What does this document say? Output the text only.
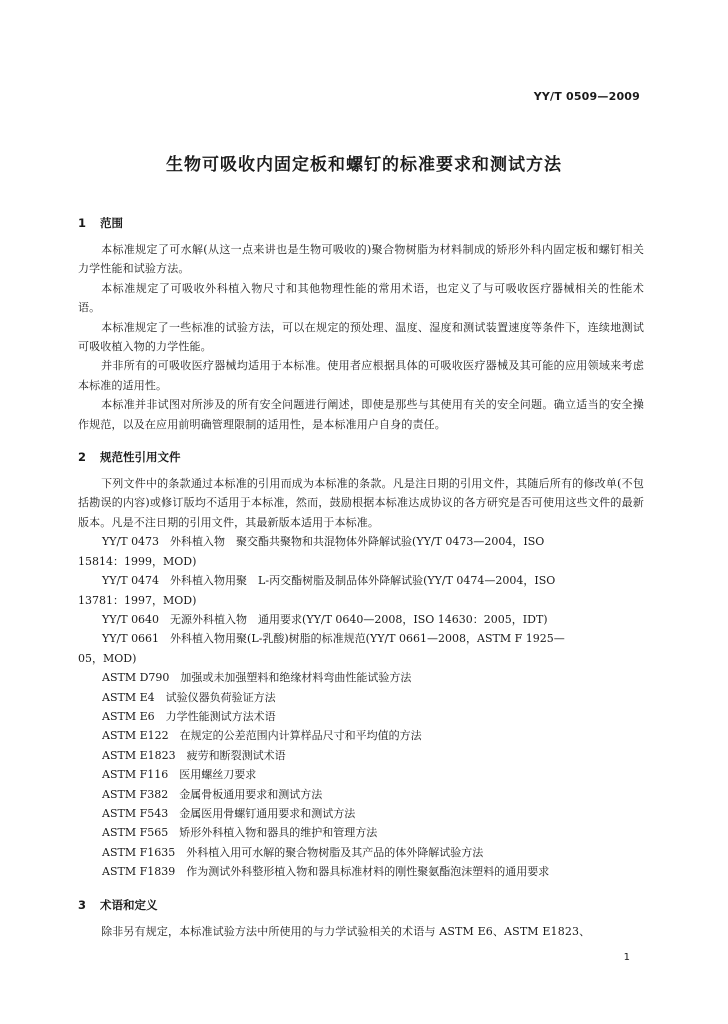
YY/T 0509—2009
生物可吸收内固定板和螺钉的标准要求和测试方法
1 范围

本标准规定了可水解(从这一点来讲也是生物可吸收的)聚合物树脂为材料制成的矫形外科内固定板和螺钉相关力学性能和试验方法。

本标准规定了可吸收外科植入物尺寸和其他物理性能的常用术语，也定义了与可吸收医疗器械相关的性能术语。

本标准规定了一些标准的试验方法，可以在规定的预处理、温度、湿度和测试装置速度等条件下，连续地测试可吸收植入物的力学性能。

并非所有的可吸收医疗器械均适用于本标准。使用者应根据具体的可吸收医疗器械及其可能的应用领域来考虑本标准的适用性。

本标准并非试图对所涉及的所有安全问题进行阐述，即使是那些与其使用有关的安全问题。确立适当的安全操作规范，以及在应用前明确管理限制的适用性，是本标准用户自身的责任。

2 规范性引用文件

下列文件中的条款通过本标准的引用而成为本标准的条款。凡是注日期的引用文件，其随后所有的修改单(不包括勘误的内容)或修订版均不适用于本标准，然而，鼓励根据本标准达成协议的各方研究是否可使用这些文件的最新版本。凡是不注日期的引用文件，其最新版本适用于本标准。

YY/T 0473　外科植入物　聚交酯共聚物和共混物体外降解试验(YY/T 0473—2004，ISO
15814：1999，MOD)

YY/T 0474　外科植入物用聚　L-丙交酯树脂及制品体外降解试验(YY/T 0474—2004，ISO
13781：1997，MOD)

YY/T 0640　无源外科植入物　通用要求(YY/T 0640—2008，ISO 14630：2005，IDT)

YY/T 0661　外科植入物用聚(L-乳酸)树脂的标准规范(YY/T 0661—2008，ASTM F 1925—
05，MOD)

ASTM D790　加强或未加强塑料和绝缘材料弯曲性能试验方法

ASTM E4　试验仪器负荷验证方法

ASTM E6　力学性能测试方法术语

ASTM E122　在规定的公差范围内计算样品尺寸和平均值的方法

ASTM E1823　疲劳和断裂测试术语

ASTM F116　医用螺丝刀要求

ASTM F382　金属骨板通用要求和测试方法

ASTM F543　金属医用骨螺钉通用要求和测试方法

ASTM F565　矫形外科植入物和器具的维护和管理方法

ASTM F1635　外科植入用可水解的聚合物树脂及其产品的体外降解试验方法

ASTM F1839　作为测试外科整形植入物和器具标准材料的刚性聚氨酯泡沫塑料的通用要求

3 术语和定义

除非另有规定，本标准试验方法中所使用的与力学试验相关的术语与 ASTM E6、ASTM E1823、

1
